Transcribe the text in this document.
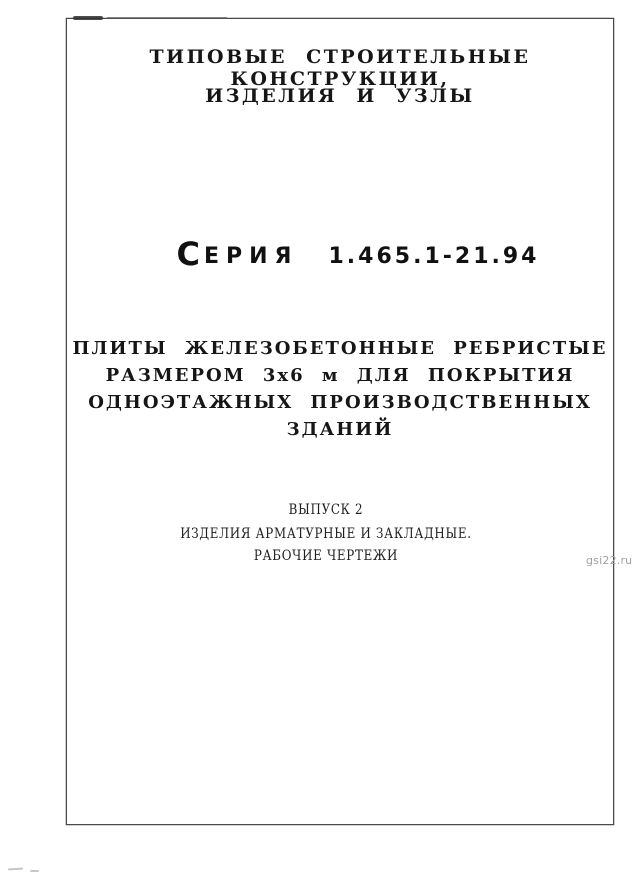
ТИПОВЫЕ СТРОИТЕЛЬНЫЕ КОНСТРУКЦИИ,
ИЗДЕЛИЯ И УЗЛЫ
СЕРИЯ 1.465.1-21.94
ПЛИТЫ ЖЕЛЕЗОБЕТОННЫЕ РЕБРИСТЫЕ
РАЗМЕРОМ 3х6 м ДЛЯ ПОКРЫТИЯ
ОДНОЭТАЖНЫХ ПРОИЗВОДСТВЕННЫХ ЗДАНИЙ
ВЫПУСК 2
ИЗДЕЛИЯ АРМАТУРНЫЕ И ЗАКЛАДНЫЕ.
РАБОЧИЕ ЧЕРТЕЖИ	gsi22.ru
